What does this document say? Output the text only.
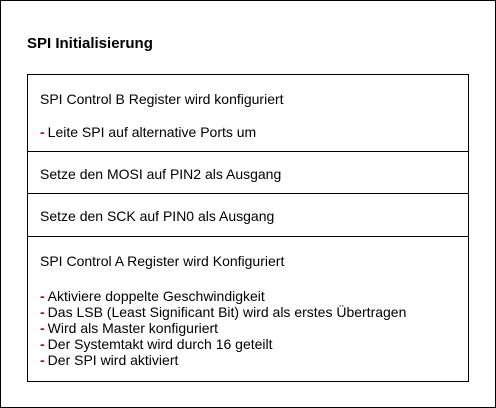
SPI Initialisierung
SPI Control B Register wird konfiguriert
- Leite SPI auf alternative Ports um
Setze den MOSI auf PIN2 als Ausgang
Setze den SCK auf PIN0 als Ausgang
SPI Control A Register wird Konfiguriert
- Aktiviere doppelte Geschwindigkeit
- Das LSB (Least Significant Bit) wird als erstes Übertragen
- Wird als Master konfiguriert
- Der Systemtakt wird durch 16 geteilt
- Der SPI wird aktiviert
